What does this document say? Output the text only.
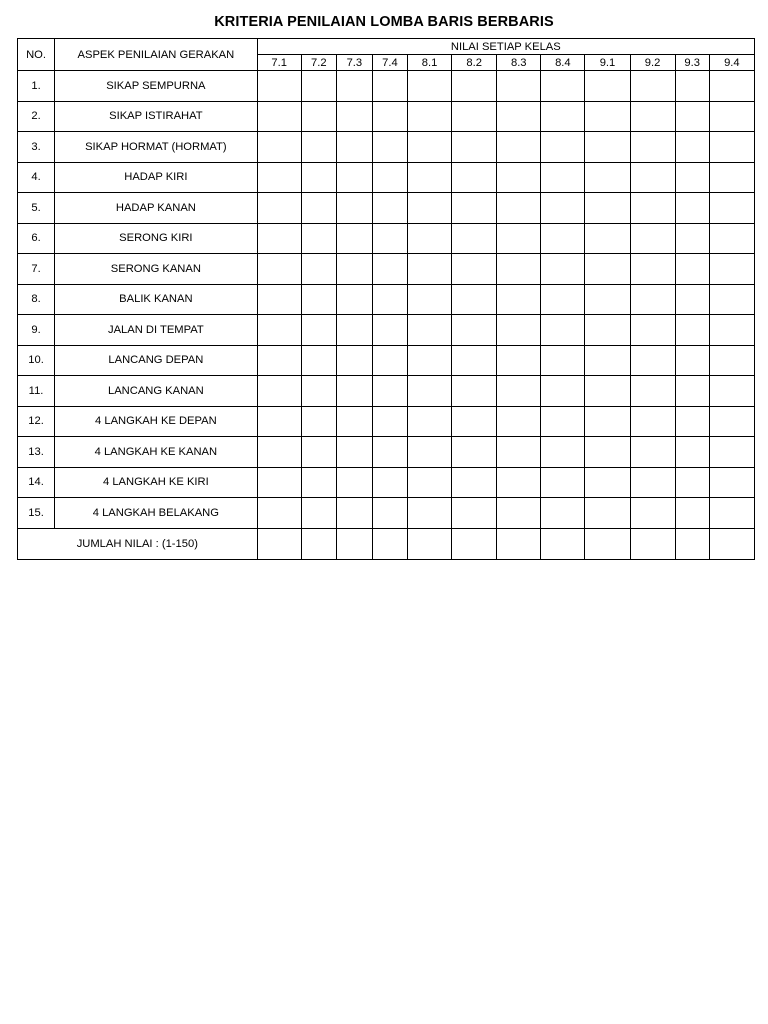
KRITERIA PENILAIAN LOMBA BARIS BERBARIS
NO.	ASPEK PENILAIAN GERAKAN	NILAI SETIAP KELAS											
		7.1	7.2	7.3	7.4	8.1	8.2	8.3	8.4	9.1	9.2	9.3	9.4
1.	SIKAP SEMPURNA												
2.	SIKAP ISTIRAHAT												
3.	SIKAP HORMAT (HORMAT)												
4.	HADAP KIRI												
5.	HADAP KANAN												
6.	SERONG KIRI												
7.	SERONG KANAN												
8.	BALIK KANAN												
9.	JALAN DI TEMPAT												
10.	LANCANG DEPAN												
11.	LANCANG KANAN												
12.	4 LANGKAH KE DEPAN												
13.	4 LANGKAH KE KANAN												
14.	4 LANGKAH KE KIRI												
15.	4 LANGKAH BELAKANG												
JUMLAH NILAI : (1-150)													
